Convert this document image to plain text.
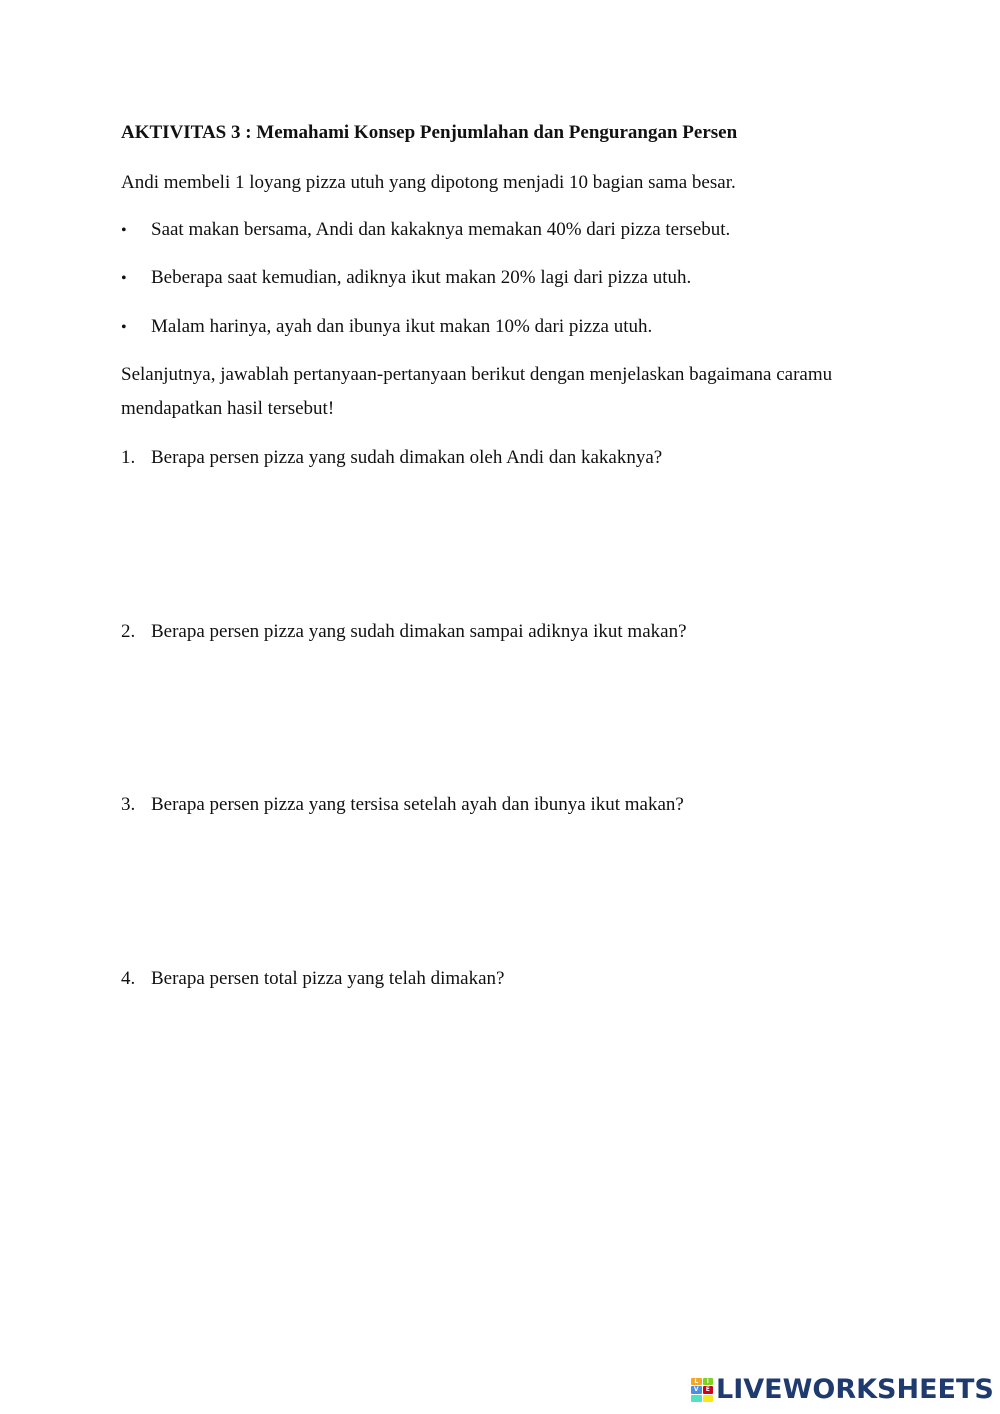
AKTIVITAS 3 : Memahami Konsep Penjumlahan dan Pengurangan Persen

Andi membeli 1 loyang pizza utuh yang dipotong menjadi 10 bagian sama besar.

• Saat makan bersama, Andi dan kakaknya memakan 40% dari pizza tersebut.
• Beberapa saat kemudian, adiknya ikut makan 20% lagi dari pizza utuh.
• Malam harinya, ayah dan ibunya ikut makan 10% dari pizza utuh.

Selanjutnya, jawablah pertanyaan-pertanyaan berikut dengan menjelaskan bagaimana caramu mendapatkan hasil tersebut!

1. Berapa persen pizza yang sudah dimakan oleh Andi dan kakaknya?
2. Berapa persen pizza yang sudah dimakan sampai adiknya ikut makan?
3. Berapa persen pizza yang tersisa setelah ayah dan ibunya ikut makan?
4. Berapa persen total pizza yang telah dimakan?
L	I
V	E LIVEWORKSHEETS
